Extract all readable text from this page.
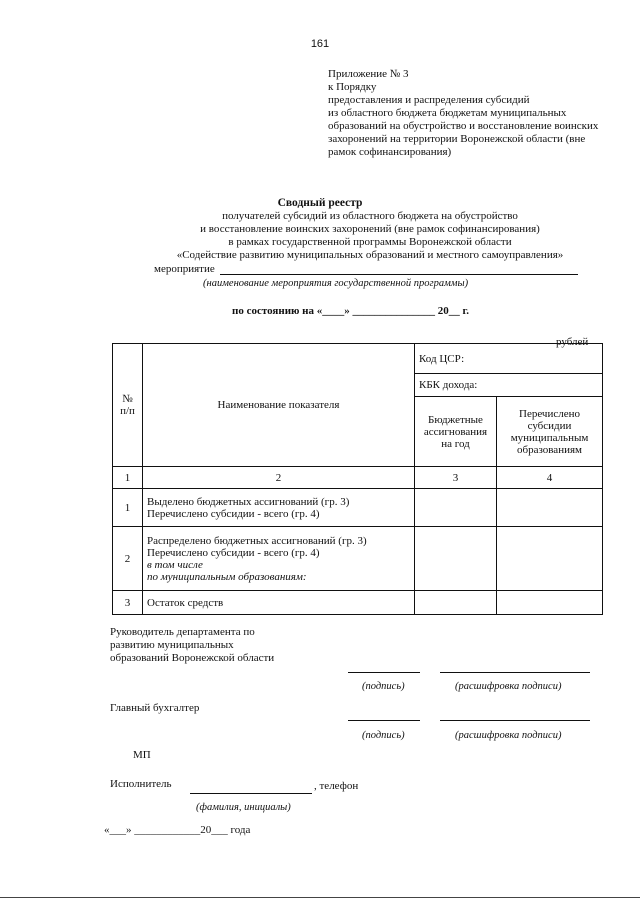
161
Приложение № 3
к Порядку
предоставления и распределения субсидий
из областного бюджета бюджетам муниципальных
образований на обустройство и восстановление воинских
захоронений на территории Воронежской области (вне
рамок софинансирования)
Сводный реестр
получателей субсидий из областного бюджета на обустройство
и восстановление воинских захоронений (вне рамок софинансирования)
в рамках государственной программы Воронежской области
«Содействие развитию муниципальных образований и местного самоуправления»
мероприятие
(наименование мероприятия государственной программы)
по состоянию на «____» _______________ 20__ г.
рублей
№ п/п	Наименование показателя	Код ЦСР:	
		КБК дохода:	
		Бюджетные ассигнования на год	Перечислено субсидии муниципальным образованиям
1	2	3	4
1	Выделено бюджетных ассигнований (гр. 3)
Перечислено субсидии - всего (гр. 4)		

2	Распределено бюджетных ассигнований (гр. 3)
Перечислено субсидии - всего (гр. 4)
в том числе
по муниципальным образованиям:		

3	Остаток средств		
Руководитель департамента по
развитию муниципальных
образований Воронежской области
(подпись)	(расшифровка подписи)
Главный бухгалтер
(подпись)	(расшифровка подписи)
МП
Исполнитель	, телефон
(фамилия, инициалы)
«___» ____________20___ года
